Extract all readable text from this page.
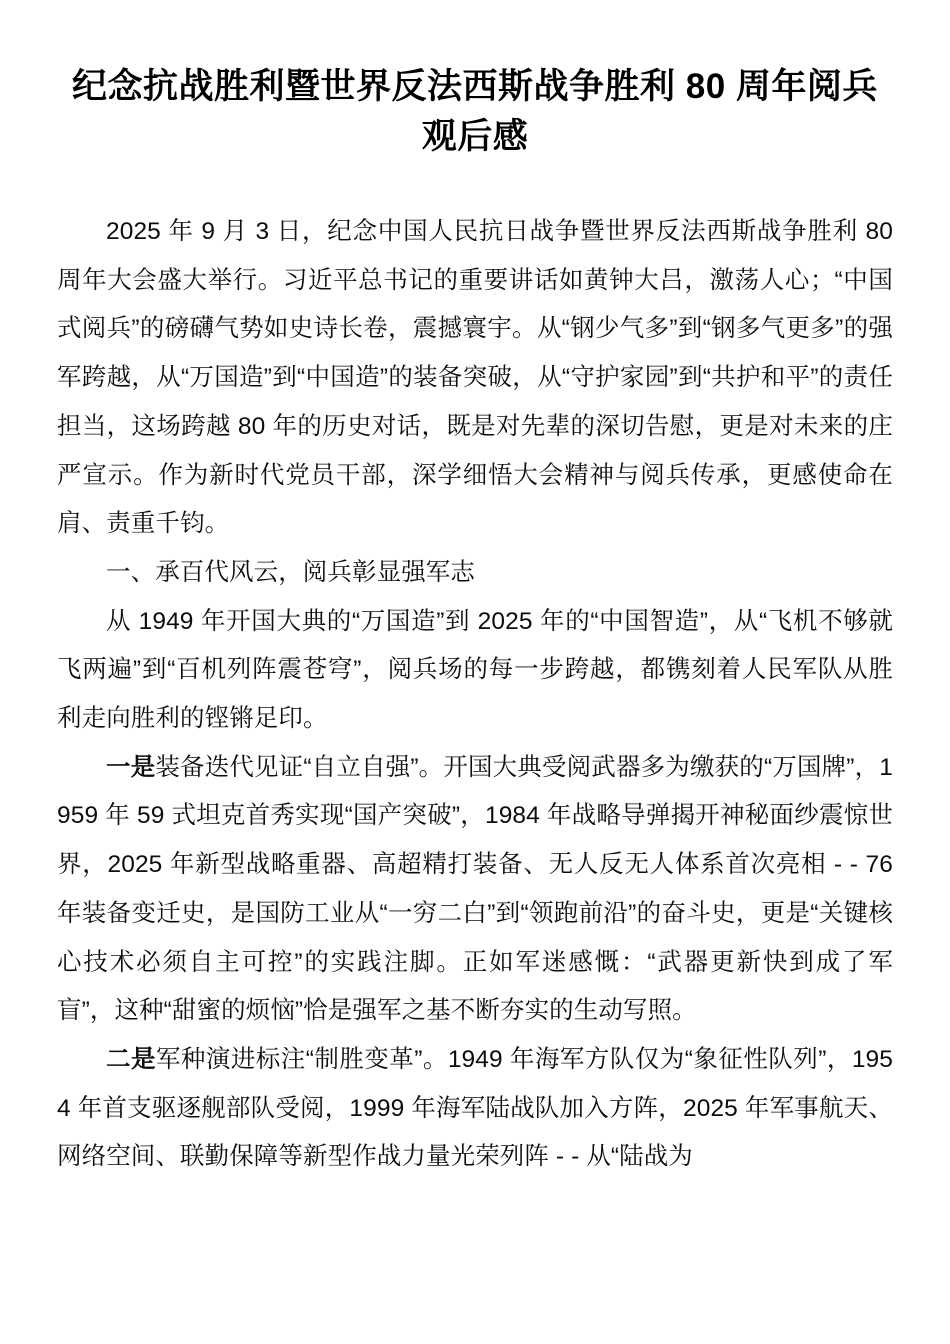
纪念抗战胜利暨世界反法西斯战争胜利 80 周年阅兵观后感

2025 年 9 月 3 日，纪念中国人民抗日战争暨世界反法西斯战争胜利 80 周年大会盛大举行。习近平总书记的重要讲话如黄钟大吕，激荡人心；“中国式阅兵”的磅礴气势如史诗长卷，震撼寰宇。从“钢少气多”到“钢多气更多”的强军跨越，从“万国造”到“中国造”的装备突破，从“守护家园”到“共护和平”的责任担当，这场跨越 80 年的历史对话，既是对先辈的深切告慰，更是对未来的庄严宣示。作为新时代党员干部，深学细悟大会精神与阅兵传承，更感使命在肩、责重千钧。

一、承百代风云，阅兵彰显强军志

从 1949 年开国大典的“万国造”到 2025 年的“中国智造”，从“飞机不够就飞两遍”到“百机列阵震苍穹”，阅兵场的每一步跨越，都镌刻着人民军队从胜利走向胜利的铿锵足印。

一是装备迭代见证“自立自强”。开国大典受阅武器多为缴获的“万国牌”，1959 年 59 式坦克首秀实现“国产突破”，1984 年战略导弹揭开神秘面纱震惊世界，2025 年新型战略重器、高超精打装备、无人反无人体系首次亮相 - - 76 年装备变迁史，是国防工业从“一穷二白”到“领跑前沿”的奋斗史，更是“关键核心技术必须自主可控”的实践注脚。正如军迷感慨：“武器更新快到成了军盲”，这种“甜蜜的烦恼”恰是强军之基不断夯实的生动写照。

二是军种演进标注“制胜变革”。1949 年海军方队仅为“象征性队列”，1954 年首支驱逐舰部队受阅，1999 年海军陆战队加入方阵，2025 年军事航天、网络空间、联勤保障等新型作战力量光荣列阵 - - 从“陆战为
